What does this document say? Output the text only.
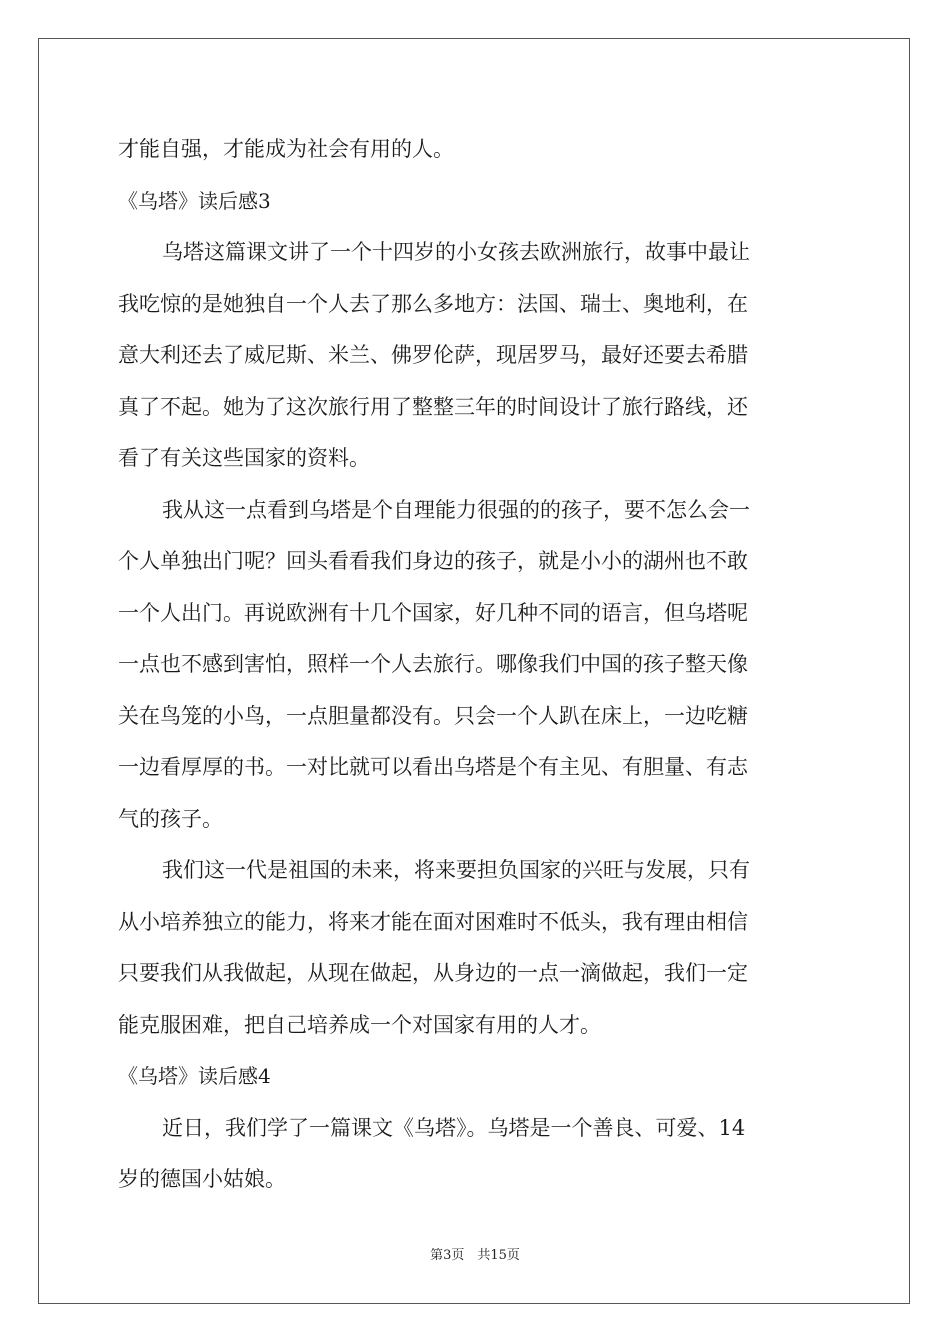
才能自强，才能成为社会有用的人。
《乌塔》读后感3
乌塔这篇课文讲了一个十四岁的小女孩去欧洲旅行，故事中最让
我吃惊的是她独自一个人去了那么多地方：法国、瑞士、奥地利，在
意大利还去了威尼斯、米兰、佛罗伦萨，现居罗马，最好还要去希腊
真了不起。她为了这次旅行用了整整三年的时间设计了旅行路线，还
看了有关这些国家的资料。
我从这一点看到乌塔是个自理能力很强的的孩子，要不怎么会一
个人单独出门呢？回头看看我们身边的孩子，就是小小的湖州也不敢
一个人出门。再说欧洲有十几个国家，好几种不同的语言，但乌塔呢
一点也不感到害怕，照样一个人去旅行。哪像我们中国的孩子整天像
关在鸟笼的小鸟，一点胆量都没有。只会一个人趴在床上，一边吃糖
一边看厚厚的书。一对比就可以看出乌塔是个有主见、有胆量、有志
气的孩子。
我们这一代是祖国的未来，将来要担负国家的兴旺与发展，只有
从小培养独立的能力，将来才能在面对困难时不低头，我有理由相信
只要我们从我做起，从现在做起，从身边的一点一滴做起，我们一定
能克服困难，把自己培养成一个对国家有用的人才。
《乌塔》读后感4
近日，我们学了一篇课文《乌塔》。乌塔是一个善良、可爱、14
岁的德国小姑娘。
第3页　共15页
